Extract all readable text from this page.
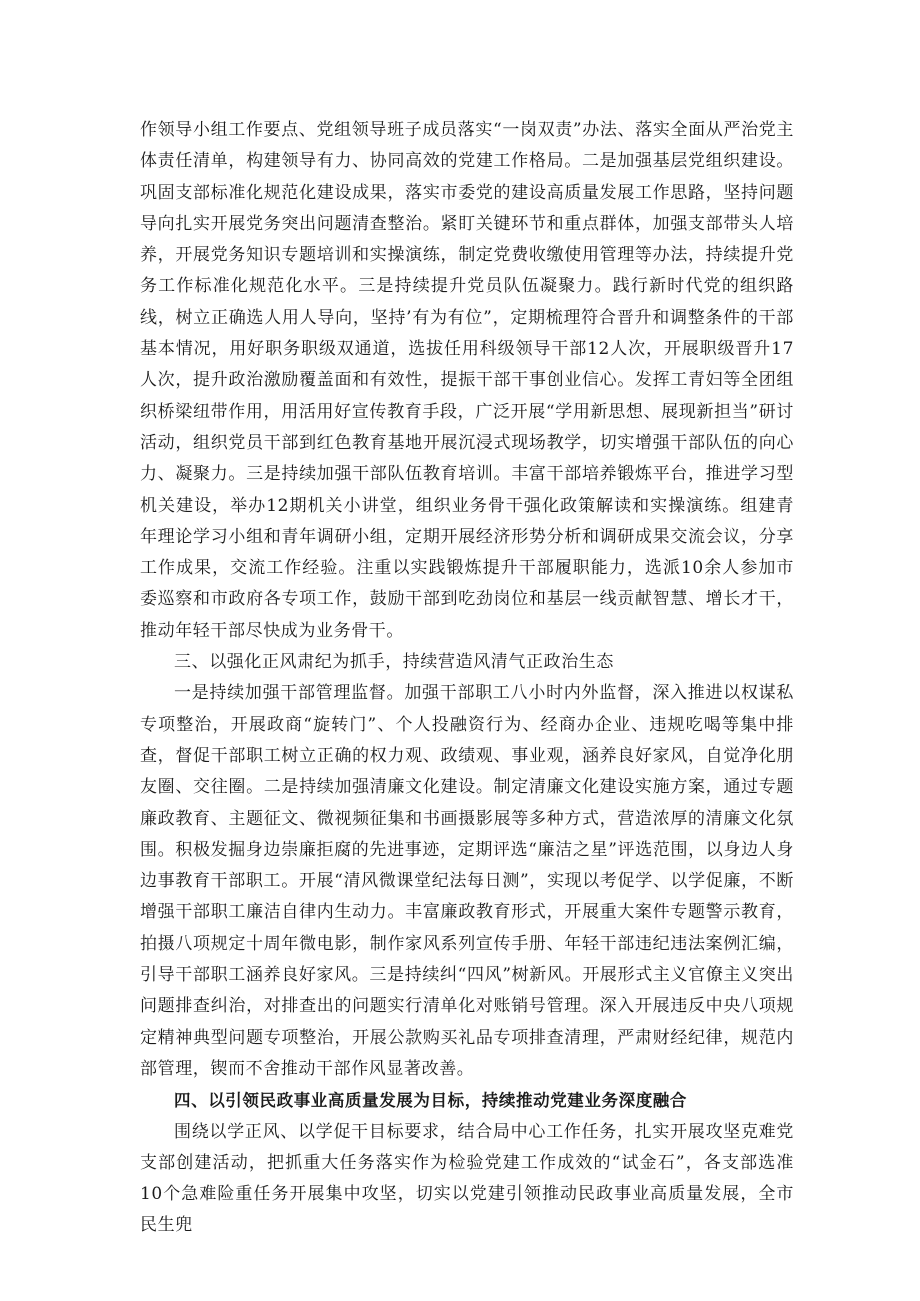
作领导小组工作要点、党组领导班子成员落实“一岗双责”办法、落实全面从严治党主体责任清单，构建领导有力、协同高效的党建工作格局。二是加强基层党组织建设。巩固支部标准化规范化建设成果，落实市委党的建设高质量发展工作思路，坚持问题导向扎实开展党务突出问题清查整治。紧盯关键环节和重点群体，加强支部带头人培养，开展党务知识专题培训和实操演练，制定党费收缴使用管理等办法，持续提升党务工作标准化规范化水平。三是持续提升党员队伍凝聚力。践行新时代党的组织路线，树立正确选人用人导向，坚持’有为有位”，定期梳理符合晋升和调整条件的干部基本情况，用好职务职级双通道，选拔任用科级领导干部12人次，开展职级晋升17人次，提升政治激励覆盖面和有效性，提振干部干事创业信心。发挥工青妇等全团组织桥梁纽带作用，用活用好宣传教育手段，广泛开展“学用新思想、展现新担当”研讨活动，组织党员干部到红色教育基地开展沉浸式现场教学，切实增强干部队伍的向心力、凝聚力。三是持续加强干部队伍教育培训。丰富干部培养锻炼平台，推进学习型机关建设，举办12期机关小讲堂，组织业务骨干强化政策解读和实操演练。组建青年理论学习小组和青年调研小组，定期开展经济形势分析和调研成果交流会议，分享工作成果，交流工作经验。注重以实践锻炼提升干部履职能力，选派10余人参加市委巡察和市政府各专项工作，鼓励干部到吃劲岗位和基层一线贡献智慧、增长才干，推动年轻干部尽快成为业务骨干。

三、以强化正风肃纪为抓手，持续营造风清气正政治生态

一是持续加强干部管理监督。加强干部职工八小时内外监督，深入推进以权谋私专项整治，开展政商“旋转门”、个人投融资行为、经商办企业、违规吃喝等集中排查，督促干部职工树立正确的权力观、政绩观、事业观，涵养良好家风，自觉净化朋友圈、交往圈。二是持续加强清廉文化建设。制定清廉文化建设实施方案，通过专题廉政教育、主题征文、微视频征集和书画摄影展等多种方式，营造浓厚的清廉文化氛围。积极发掘身边崇廉拒腐的先进事迹，定期评选“廉洁之星”评选范围，以身边人身边事教育干部职工。开展“清风微课堂纪法每日测”，实现以考促学、以学促廉，不断增强干部职工廉洁自律内生动力。丰富廉政教育形式，开展重大案件专题警示教育，拍摄八项规定十周年微电影，制作家风系列宣传手册、年轻干部违纪违法案例汇编，引导干部职工涵养良好家风。三是持续纠“四风”树新风。开展形式主义官僚主义突出问题排查纠治，对排查出的问题实行清单化对账销号管理。深入开展违反中央八项规定精神典型问题专项整治，开展公款购买礼品专项排查清理，严肃财经纪律，规范内部管理，锲而不舍推动干部作风显著改善。

四、以引领民政事业高质量发展为目标，持续推动党建业务深度融合

围绕以学正风、以学促干目标要求，结合局中心工作任务，扎实开展攻坚克难党支部创建活动，把抓重大任务落实作为检验党建工作成效的“试金石”，各支部选准10个急难险重任务开展集中攻坚，切实以党建引领推动民政事业高质量发展，全市民生兜
